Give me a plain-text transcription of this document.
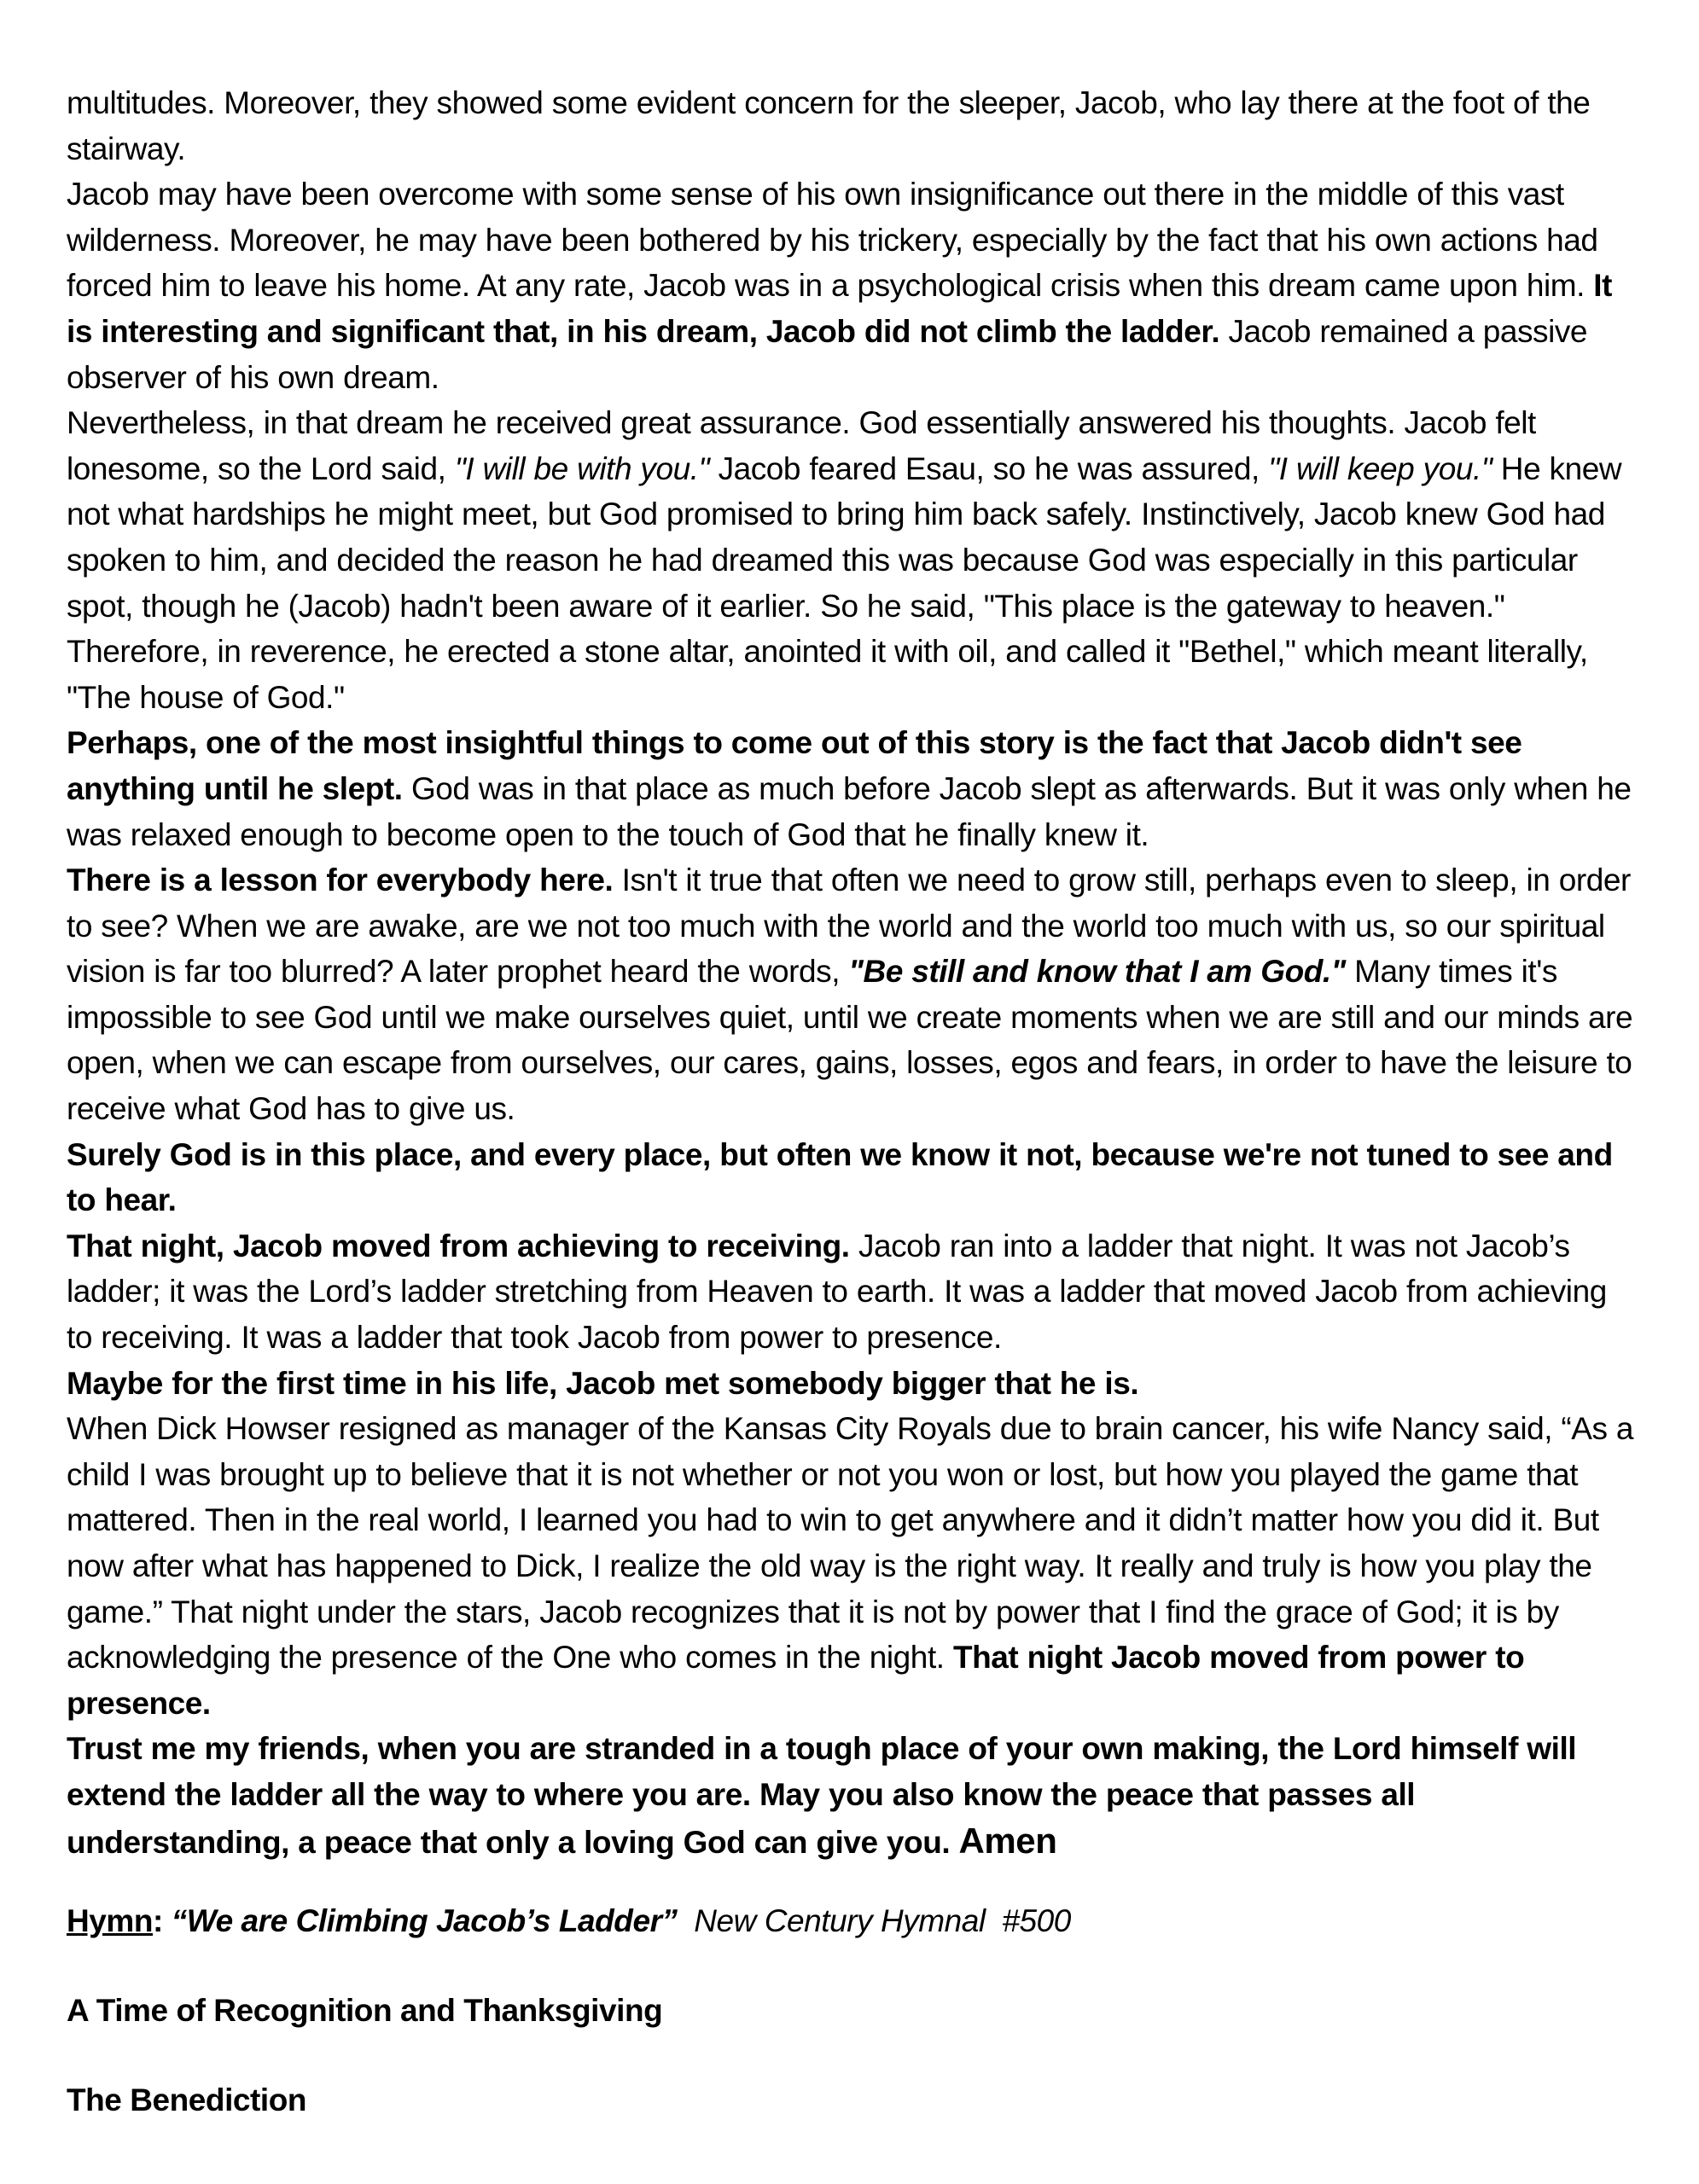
multitudes. Moreover, they showed some evident concern for the sleeper, Jacob, who lay there at the foot of the stairway.

Jacob may have been overcome with some sense of his own insignificance out there in the middle of this vast wilderness. Moreover, he may have been bothered by his trickery, especially by the fact that his own actions had forced him to leave his home. At any rate, Jacob was in a psychological crisis when this dream came upon him. It is interesting and significant that, in his dream, Jacob did not climb the ladder. Jacob remained a passive observer of his own dream.

Nevertheless, in that dream he received great assurance. God essentially answered his thoughts. Jacob felt lonesome, so the Lord said, "I will be with you." Jacob feared Esau, so he was assured, "I will keep you." He knew not what hardships he might meet, but God promised to bring him back safely. Instinctively, Jacob knew God had spoken to him, and decided the reason he had dreamed this was because God was especially in this particular spot, though he (Jacob) hadn't been aware of it earlier. So he said, "This place is the gateway to heaven." Therefore, in reverence, he erected a stone altar, anointed it with oil, and called it "Bethel," which meant literally, "The house of God."

Perhaps, one of the most insightful things to come out of this story is the fact that Jacob didn't see anything until he slept. God was in that place as much before Jacob slept as afterwards. But it was only when he was relaxed enough to become open to the touch of God that he finally knew it.

There is a lesson for everybody here. Isn't it true that often we need to grow still, perhaps even to sleep, in order to see? When we are awake, are we not too much with the world and the world too much with us, so our spiritual vision is far too blurred? A later prophet heard the words, "Be still and know that I am God." Many times it's impossible to see God until we make ourselves quiet, until we create moments when we are still and our minds are open, when we can escape from ourselves, our cares, gains, losses, egos and fears, in order to have the leisure to receive what God has to give us.

Surely God is in this place, and every place, but often we know it not, because we're not tuned to see and to hear.

That night, Jacob moved from achieving to receiving. Jacob ran into a ladder that night. It was not Jacob’s ladder; it was the Lord’s ladder stretching from Heaven to earth. It was a ladder that moved Jacob from achieving to receiving. It was a ladder that took Jacob from power to presence.

Maybe for the first time in his life, Jacob met somebody bigger that he is.

When Dick Howser resigned as manager of the Kansas City Royals due to brain cancer, his wife Nancy said, “As a child I was brought up to believe that it is not whether or not you won or lost, but how you played the game that mattered. Then in the real world, I learned you had to win to get anywhere and it didn’t matter how you did it. But now after what has happened to Dick, I realize the old way is the right way. It really and truly is how you play the game.” That night under the stars, Jacob recognizes that it is not by power that I find the grace of God; it is by acknowledging the presence of the One who comes in the night. That night Jacob moved from power to presence.

Trust me my friends, when you are stranded in a tough place of your own making, the Lord himself will extend the ladder all the way to where you are. May you also know the peace that passes all understanding, a peace that only a loving God can give you. Amen

Hymn: “We are Climbing Jacob’s Ladder” New Century Hymnal  #500
A Time of Recognition and Thanksgiving
The Benediction
